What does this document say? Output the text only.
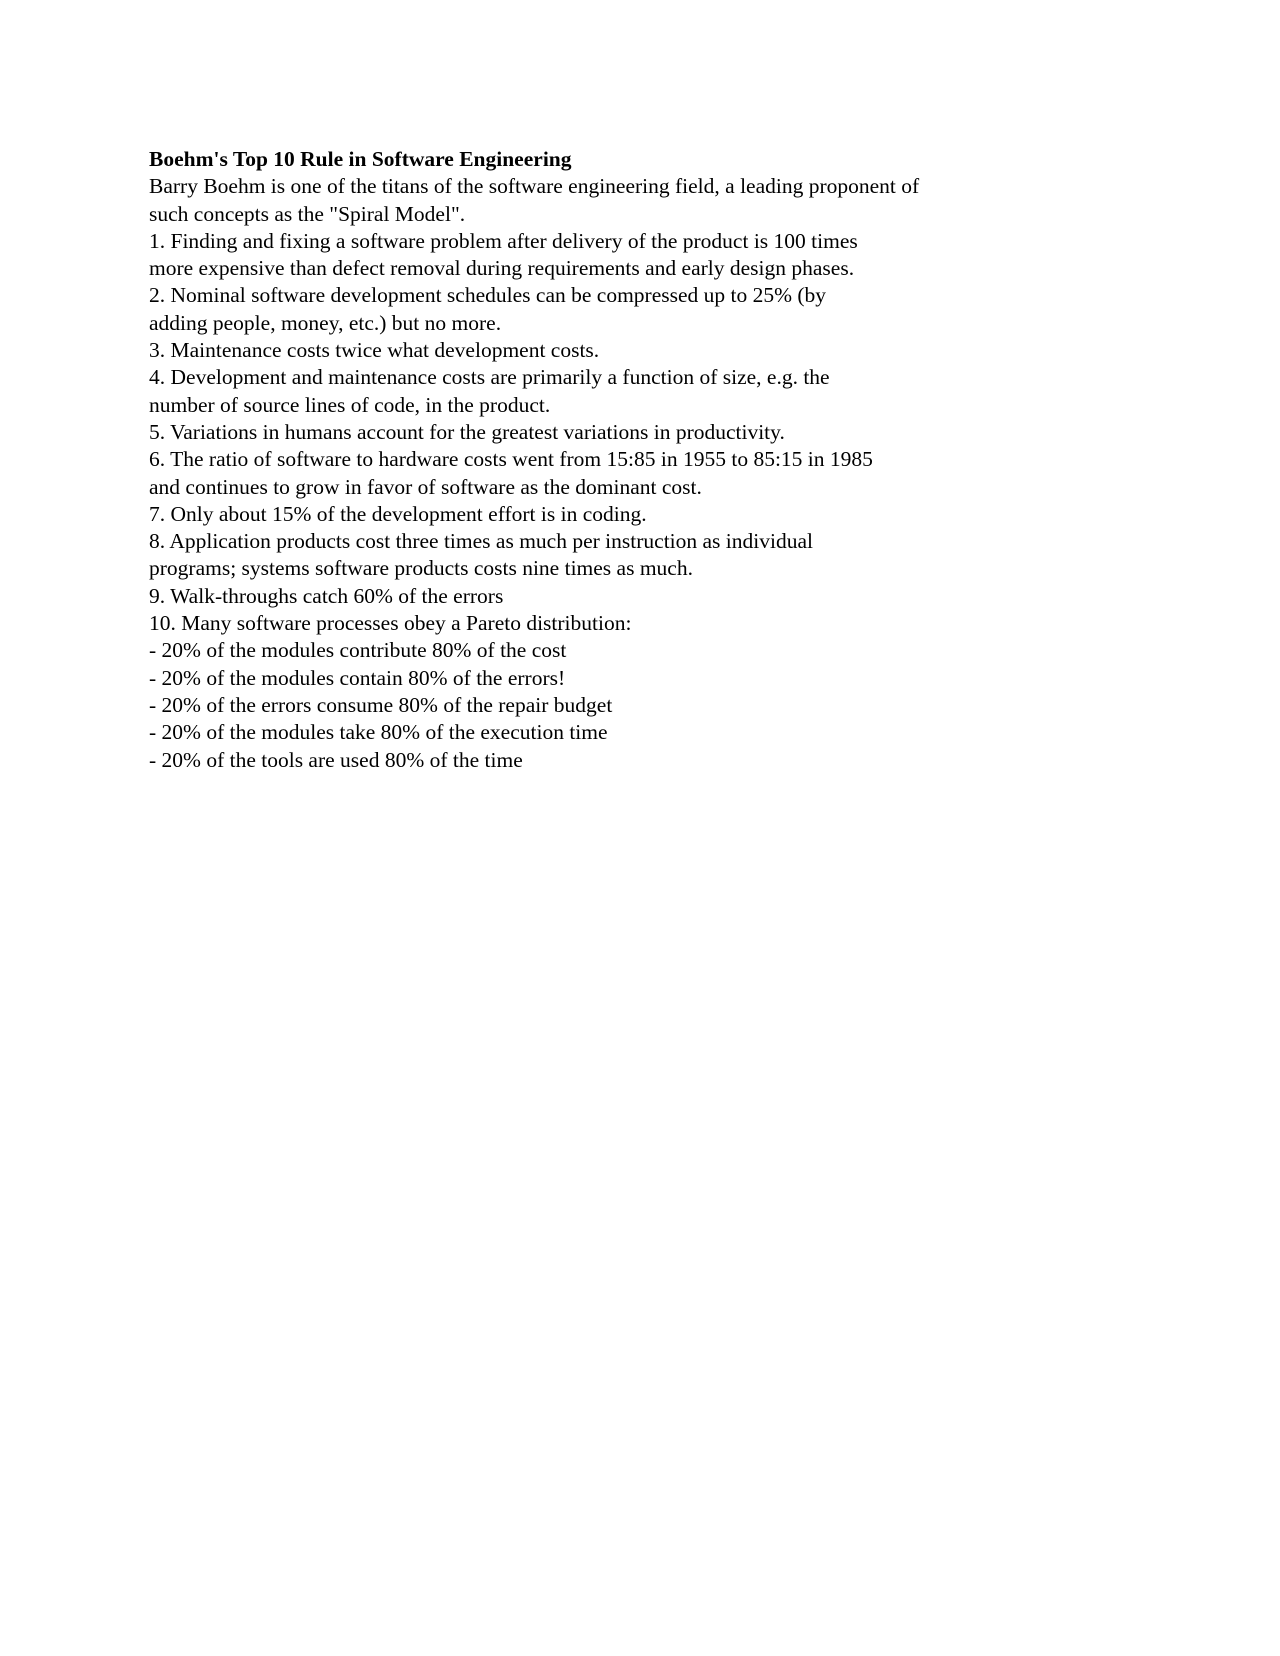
Boehm's Top 10 Rule in Software Engineering

Barry Boehm is one of the titans of the software engineering field, a leading proponent of

such concepts as the "Spiral Model".

1. Finding and fixing a software problem after delivery of the product is 100 times

more expensive than defect removal during requirements and early design phases.

2. Nominal software development schedules can be compressed up to 25% (by

adding people, money, etc.) but no more.

3. Maintenance costs twice what development costs.

4. Development and maintenance costs are primarily a function of size, e.g. the

number of source lines of code, in the product.

5. Variations in humans account for the greatest variations in productivity.

6. The ratio of software to hardware costs went from 15:85 in 1955 to 85:15 in 1985

and continues to grow in favor of software as the dominant cost.

7. Only about 15% of the development effort is in coding.

8. Application products cost three times as much per instruction as individual

programs; systems software products costs nine times as much.

9. Walk-throughs catch 60% of the errors

10. Many software processes obey a Pareto distribution:

- 20% of the modules contribute 80% of the cost

- 20% of the modules contain 80% of the errors!

- 20% of the errors consume 80% of the repair budget

- 20% of the modules take 80% of the execution time

- 20% of the tools are used 80% of the time
